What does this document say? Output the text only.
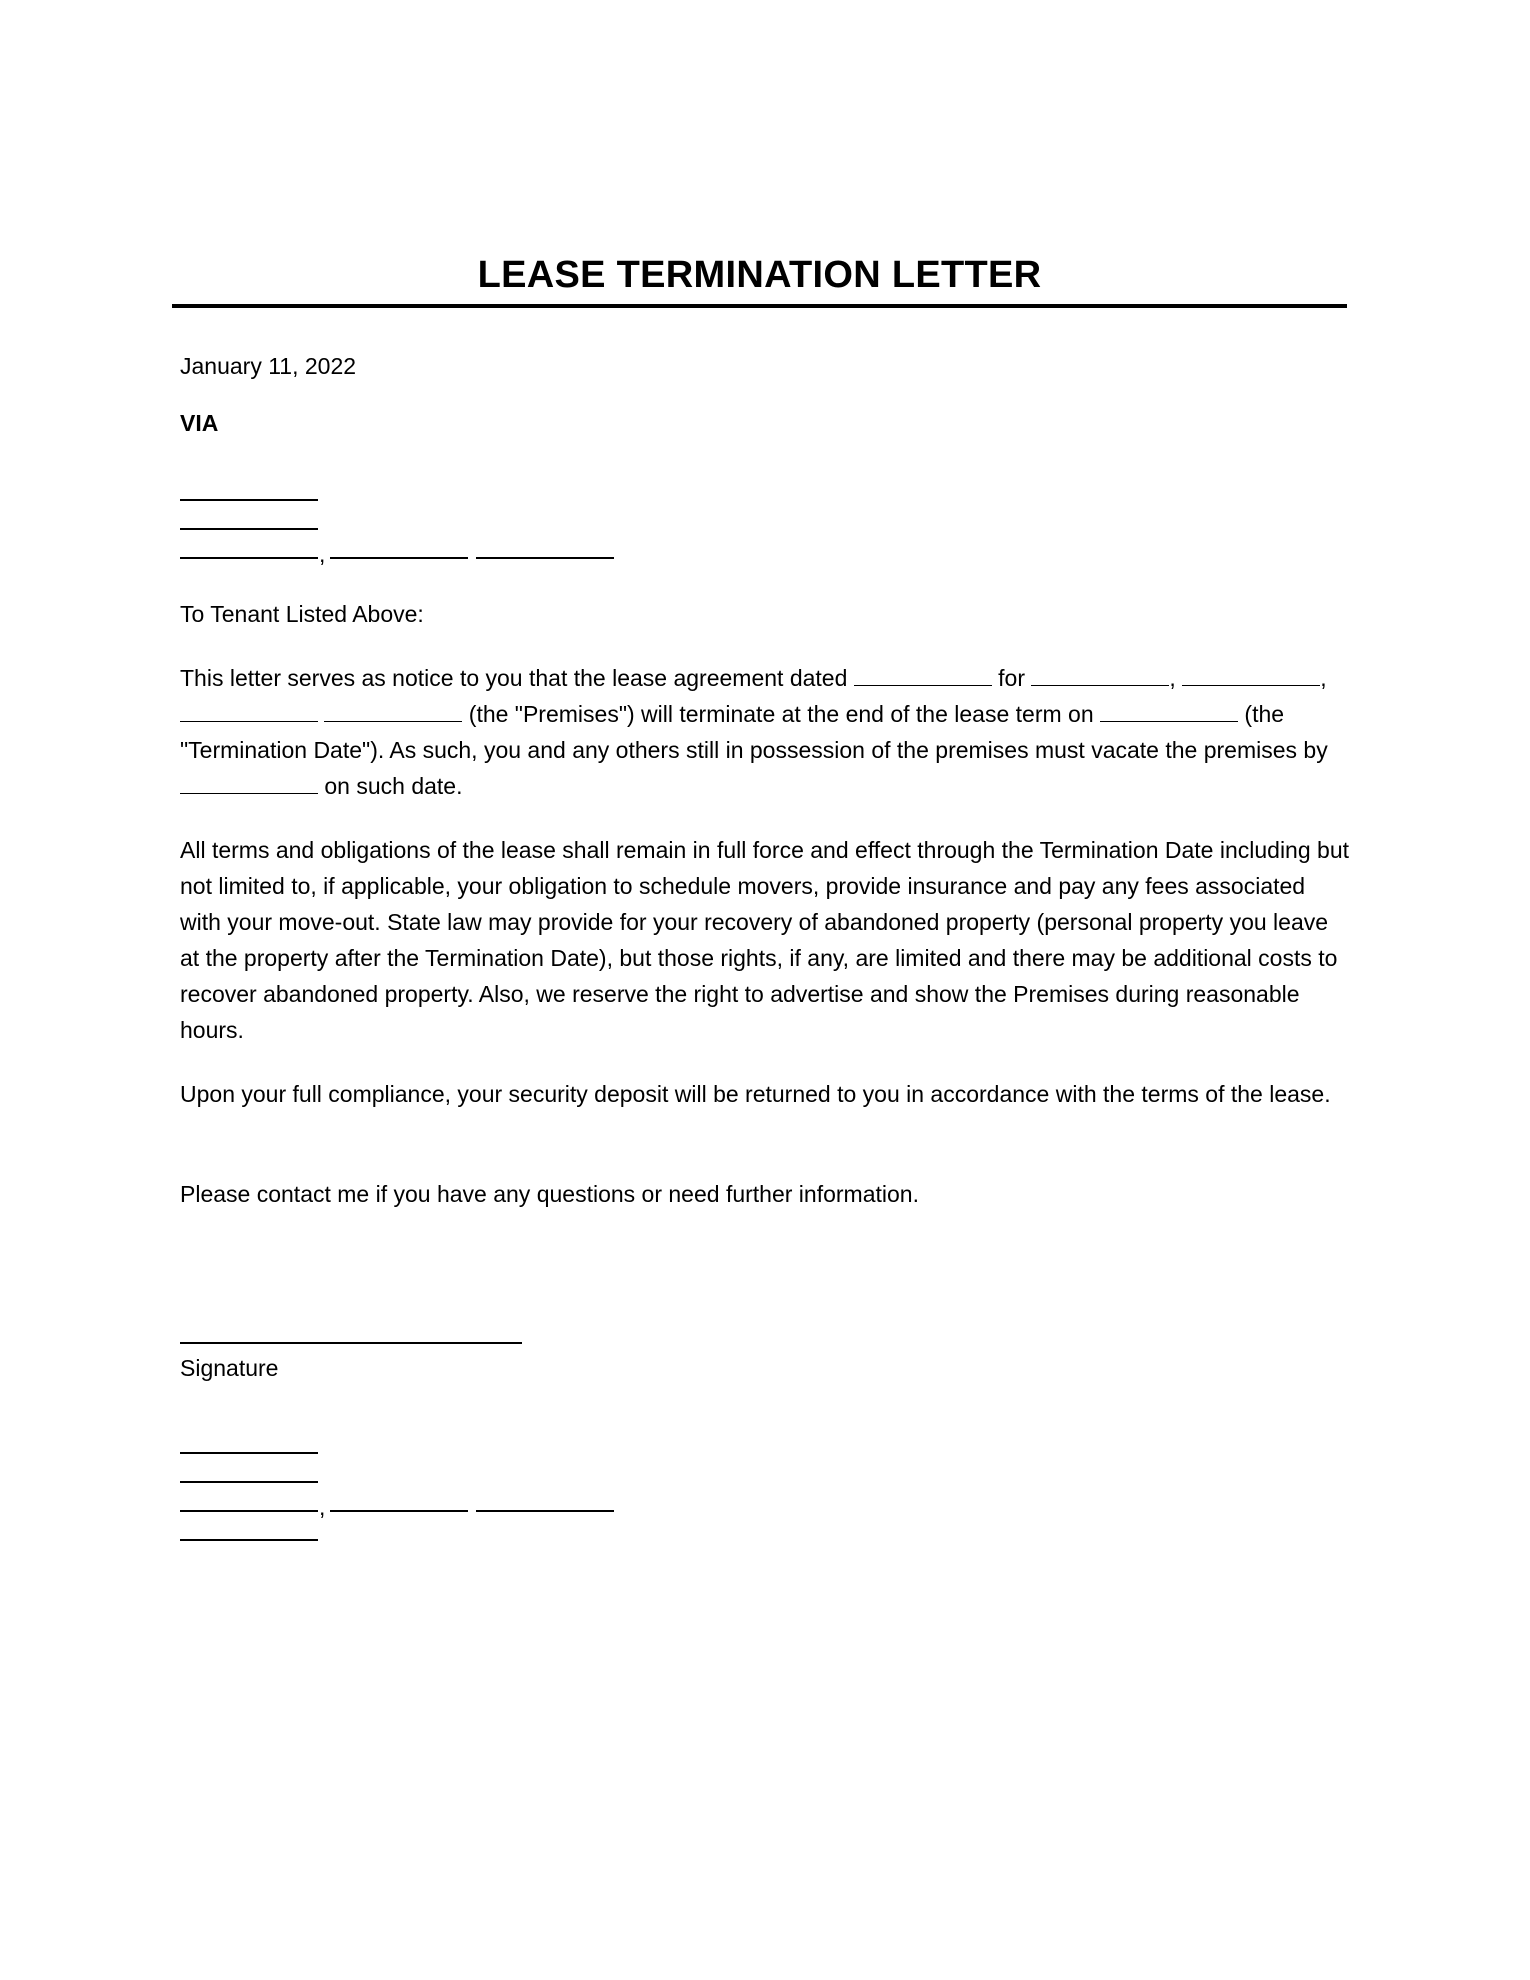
LEASE TERMINATION LETTER
January 11, 2022
VIA
,
To Tenant Listed Above:
This letter serves as notice to you that the lease agreement dated	for	,	,   (the "Premises") will terminate at the end of the lease term on	(the "Termination Date"). As such, you and any others still in possession of the premises must vacate the premises by  on such date.
All terms and obligations of the lease shall remain in full force and effect through the Termination Date including but not limited to, if applicable, your obligation to schedule movers, provide insurance and pay any fees associated with your move-out. State law may provide for your recovery of abandoned property (personal property you leave at the property after the Termination Date), but those rights, if any, are limited and there may be additional costs to recover abandoned property. Also, we reserve the right to advertise and show the Premises during reasonable hours.
Upon your full compliance, your security deposit will be returned to you in accordance with the terms of the lease.
Please contact me if you have any questions or need further information.
Signature
,
